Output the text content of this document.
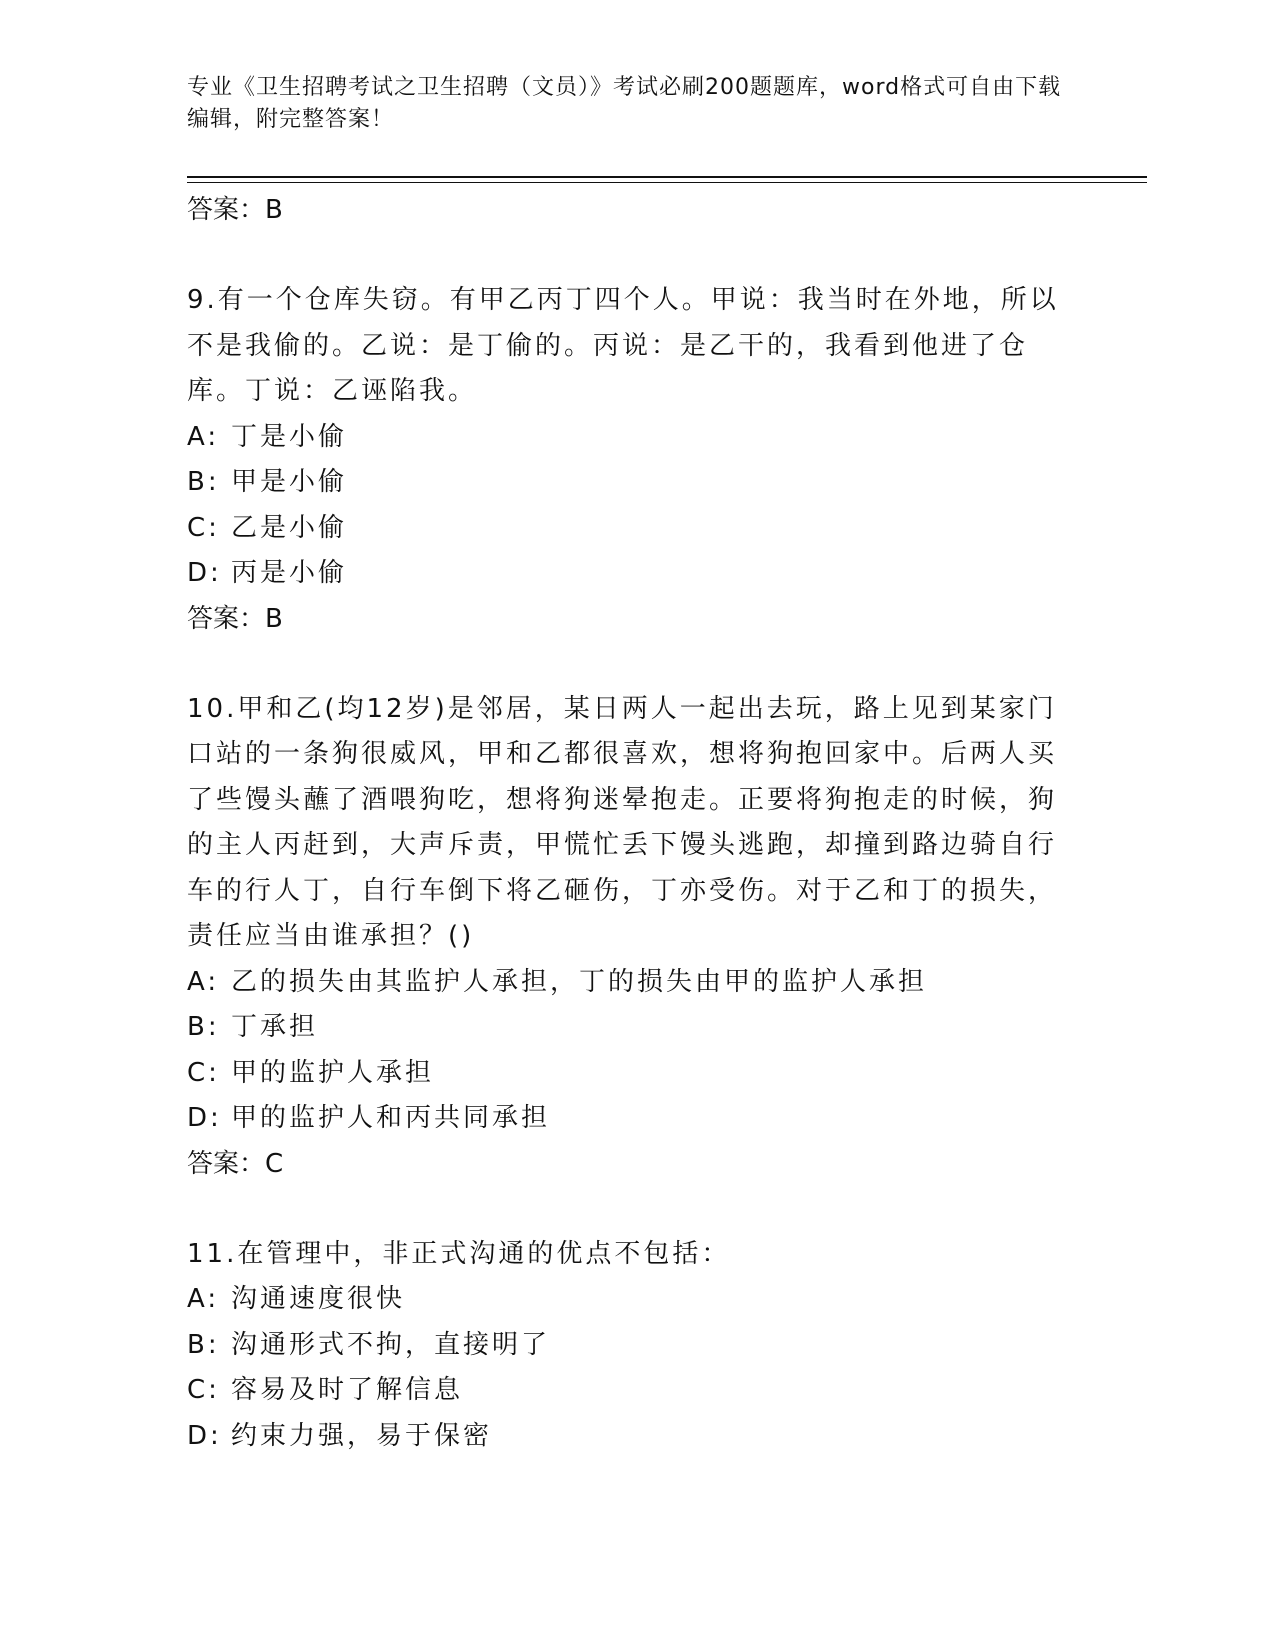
专业《卫生招聘考试之卫生招聘（文员）》考试必刷200题题库，word格式可自由下载编辑，附完整答案！
答案：B
9.有一个仓库失窃。有甲乙丙丁四个人。甲说：我当时在外地，所以不是我偷的。乙说：是丁偷的。丙说：是乙干的，我看到他进了仓库。丁说：乙诬陷我。
A: 丁是小偷
B: 甲是小偷
C: 乙是小偷
D: 丙是小偷
答案：B
10.甲和乙(均12岁)是邻居，某日两人一起出去玩，路上见到某家门口站的一条狗很威风，甲和乙都很喜欢，想将狗抱回家中。后两人买了些馒头蘸了酒喂狗吃，想将狗迷晕抱走。正要将狗抱走的时候，狗的主人丙赶到，大声斥责，甲慌忙丢下馒头逃跑，却撞到路边骑自行车的行人丁，自行车倒下将乙砸伤，丁亦受伤。对于乙和丁的损失，责任应当由谁承担？()
A: 乙的损失由其监护人承担，丁的损失由甲的监护人承担
B: 丁承担
C: 甲的监护人承担
D: 甲的监护人和丙共同承担
答案：C
11.在管理中，非正式沟通的优点不包括：
A: 沟通速度很快
B: 沟通形式不拘，直接明了
C: 容易及时了解信息
D: 约束力强，易于保密
